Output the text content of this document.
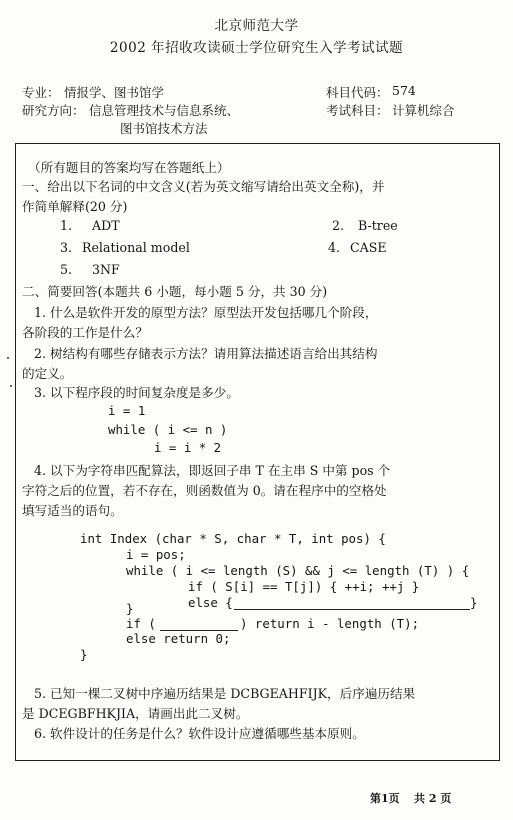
北京师范大学
2002 年招收攻读硕士学位研究生入学考试试题
专业： 情报学、图书馆学
研究方向： 信息管理技术与信息系统、
图书馆技术方法
科目代码： 574
考试科目： 计算机综合
（所有题目的答案均写在答题纸上）
一、给出以下名词的中文含义(若为英文缩写请给出英文全称)，并
作简单解释(20 分)
1. ADT	2. B-tree
3. Relational model	4. CASE
5. 3NF
二、简要回答(本题共 6 小题，每小题 5 分，共 30 分)
1. 什么是软件开发的原型方法？原型法开发包括哪几个阶段，
各阶段的工作是什么？
2. 树结构有哪些存储表示方法？请用算法描述语言给出其结构
的定义。
3. 以下程序段的时间复杂度是多少。
i = 1
while ( i <= n )
i = i * 2
4. 以下为字符串匹配算法，即返回子串 T 在主串 S 中第 pos 个
字符之后的位置，若不存在，则函数值为 0。请在程序中的空格处
填写适当的语句。
int Index (char * S, char * T, int pos) {
i = pos;
while ( i <= length (S) && j <= length (T) ) {
if ( S[i] == T[j]) { ++i; ++j }
else {	}
}
if (	) return i - length (T);
else return 0;
}
5. 已知一棵二叉树中序遍历结果是 DCBGEAHFIJK，后序遍历结果
是 DCEGBFHKJIA，请画出此二叉树。
6. 软件设计的任务是什么？软件设计应遵循哪些基本原则。
第1页 共 2 页
